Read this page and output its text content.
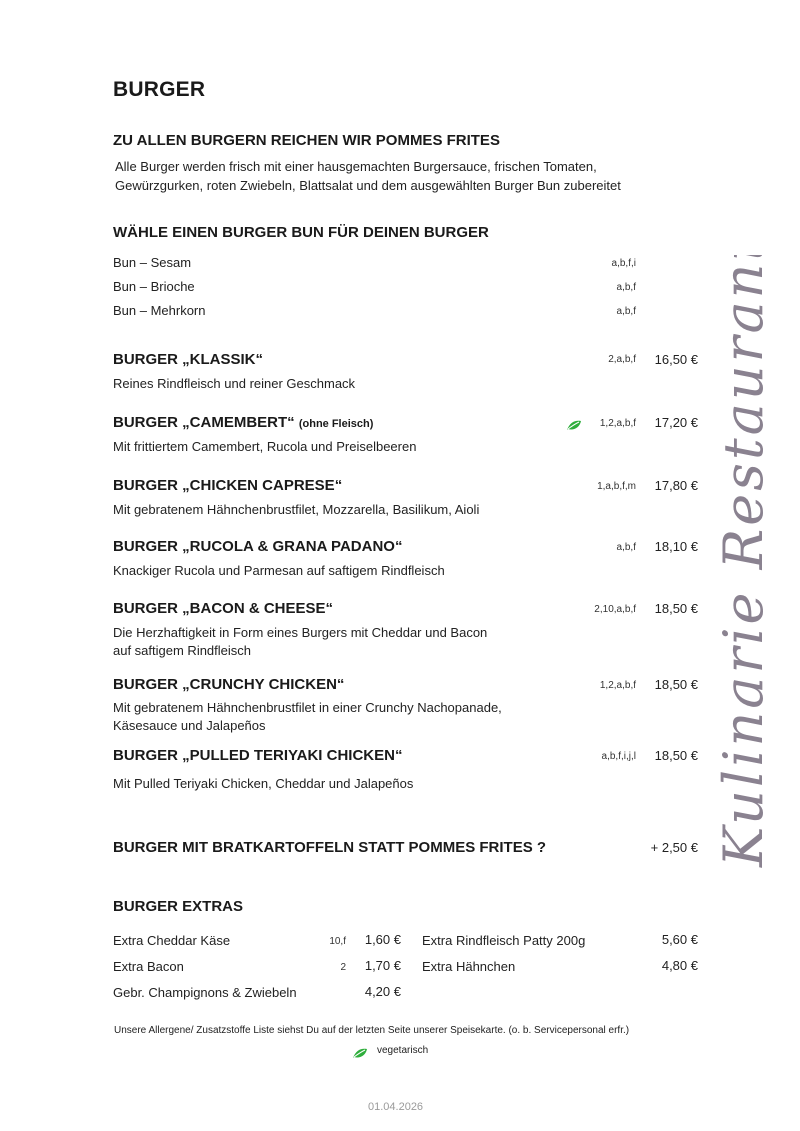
BURGER
ZU ALLEN BURGERN REICHEN WIR POMMES FRITES
Alle Burger werden frisch mit einer hausgemachten Burgersauce, frischen Tomaten,
Gewürzgurken, roten Zwiebeln, Blattsalat und dem ausgewählten Burger Bun zubereitet
WÄHLE EINEN BURGER BUN FÜR DEINEN BURGER
Bun – Sesam	a,b,f,i
Bun – Brioche	a,b,f
Bun – Mehrkorn	a,b,f
BURGER „KLASSIK“	2,a,b,f	16,50 €
Reines Rindfleisch und reiner Geschmack
BURGER „CAMEMBERT“ (ohne Fleisch)	1,2,a,b,f	17,20 €
Mit frittiertem Camembert, Rucola und Preiselbeeren
BURGER „CHICKEN CAPRESE“	1,a,b,f,m	17,80 €
Mit gebratenem Hähnchenbrustfilet, Mozzarella, Basilikum, Aioli
BURGER „RUCOLA & GRANA PADANO“	a,b,f	18,10 €
Knackiger Rucola und Parmesan auf saftigem Rindfleisch
BURGER „BACON & CHEESE“	2,10,a,b,f	18,50 €
Die Herzhaftigkeit in Form eines Burgers mit Cheddar und Bacon
auf saftigem Rindfleisch
BURGER „CRUNCHY CHICKEN“	1,2,a,b,f	18,50 €
Mit gebratenem Hähnchenbrustfilet in einer Crunchy Nachopanade,
Käsesauce und Jalapeños
BURGER „PULLED TERIYAKI CHICKEN“	a,b,f,i,j,l	18,50 €
Mit Pulled Teriyaki Chicken, Cheddar und Jalapeños
BURGER MIT BRATKARTOFFELN STATT POMMES FRITES ?	+ 2,50 €
BURGER EXTRAS
Extra Cheddar Käse	10,f	1,60 €
Extra Bacon	2	1,70 €
Gebr. Champignons & Zwiebeln	4,20 €
Extra Rindfleisch Patty 200g	5,60 €
Extra Hähnchen	4,80 €
Unsere Allergene/ Zusatzstoffe Liste siehst Du auf der letzten Seite unserer Speisekarte. (o. b. Servicepersonal erfr.)
vegetarisch
01.04.2026
Kulinarie Restaurant
